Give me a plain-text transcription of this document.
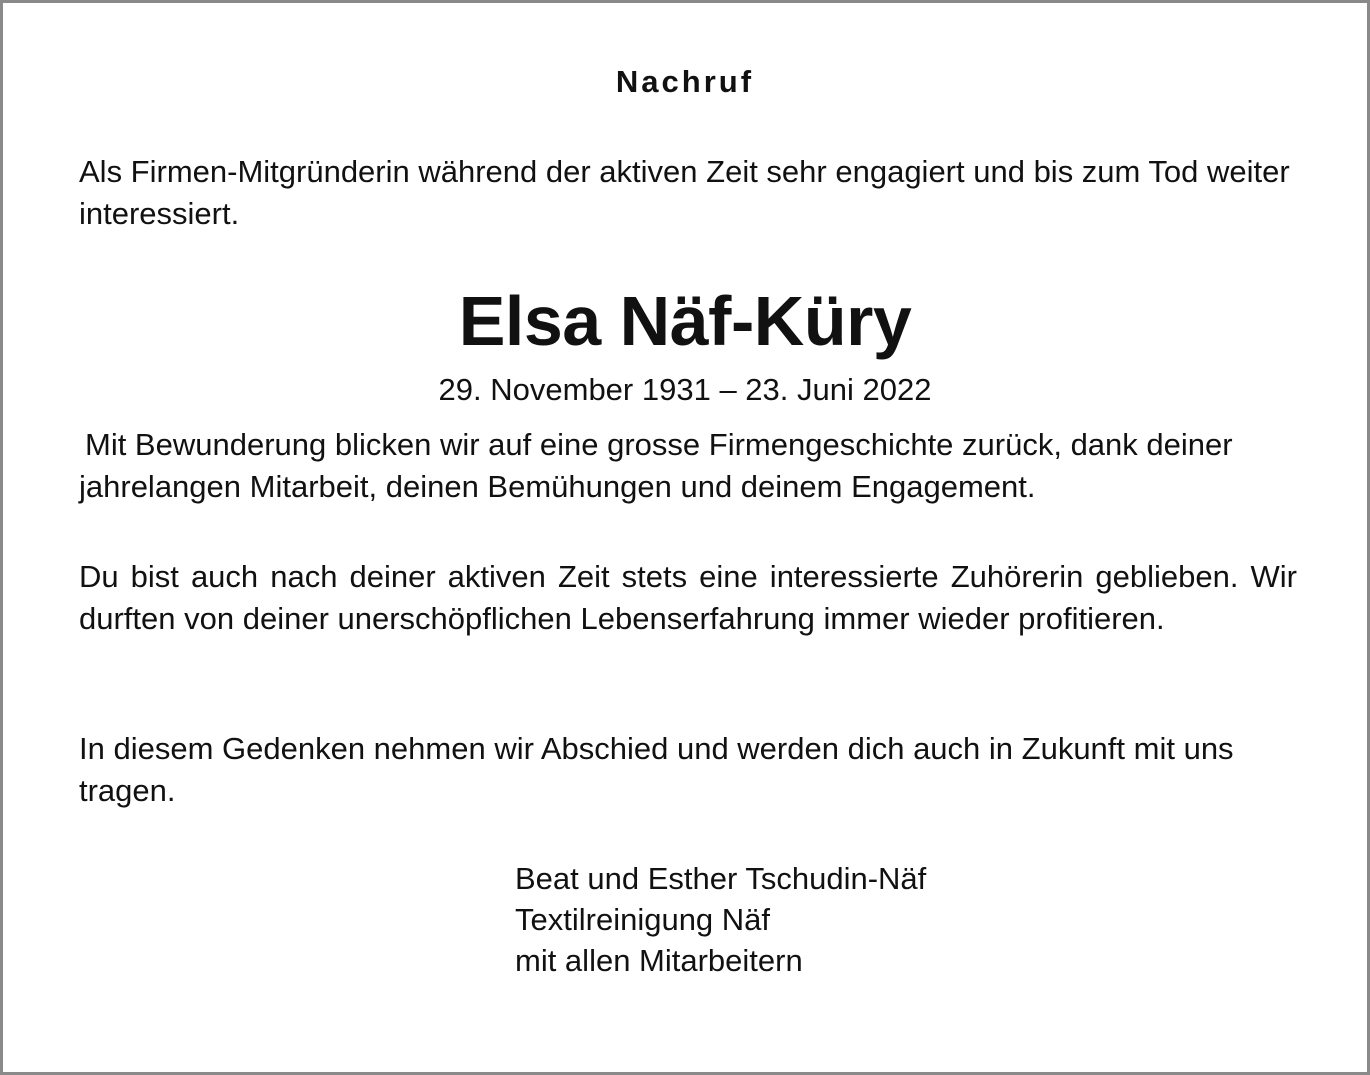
Nachruf
Als Firmen-Mitgründerin während der aktiven Zeit sehr engagiert und bis zum Tod weiter interessiert.
Elsa Näf-Küry
29. November 1931 – 23. Juni 2022
Mit Bewunderung blicken wir auf eine grosse Firmengeschichte zurück, dank deiner jahrelangen Mitarbeit, deinen Bemühungen und deinem Engagement.
Du bist auch nach deiner aktiven Zeit stets eine interessierte Zuhörerin geblieben. Wir durften von deiner unerschöpflichen Lebenserfahrung immer wieder profitieren.
In diesem Gedenken nehmen wir Abschied und werden dich auch in Zukunft mit uns tragen.
Beat und Esther Tschudin-Näf
Textilreinigung Näf
mit allen Mitarbeitern
